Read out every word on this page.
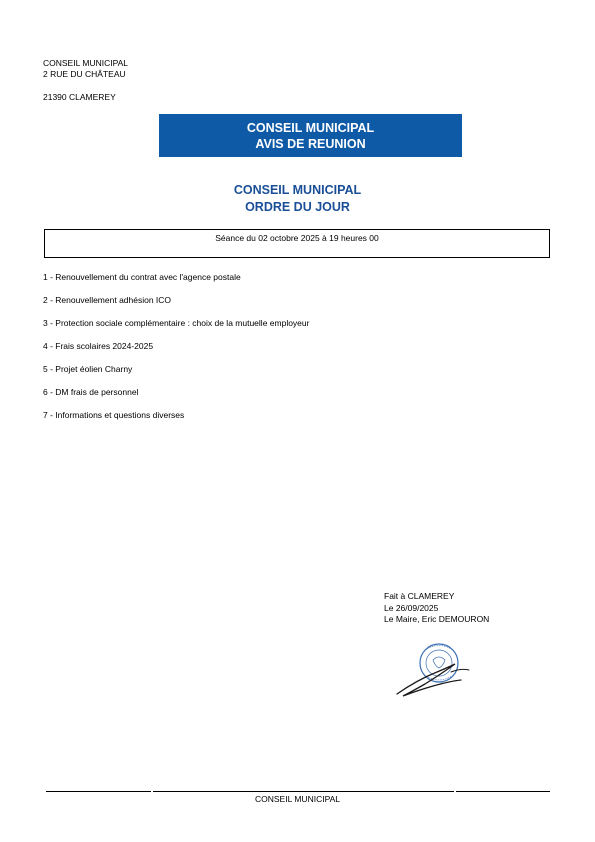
CONSEIL MUNICIPAL
2 RUE DU CHÂTEAU
21390 CLAMEREY
CONSEIL MUNICIPAL
AVIS DE REUNION
CONSEIL MUNICIPAL
ORDRE DU JOUR
Séance du 02 octobre 2025 à 19 heures 00
1 - Renouvellement du contrat avec l'agence postale
2 - Renouvellement adhésion ICO
3 - Protection sociale complémentaire : choix de la mutuelle employeur
4 - Frais scolaires 2024-2025
5 - Projet éolien Charny
6 - DM frais de personnel
7 - Informations et questions diverses
Fait à CLAMEREY
Le 26/09/2025
Le Maire, Eric DEMOURON
CONSEIL MUNICIPAL
